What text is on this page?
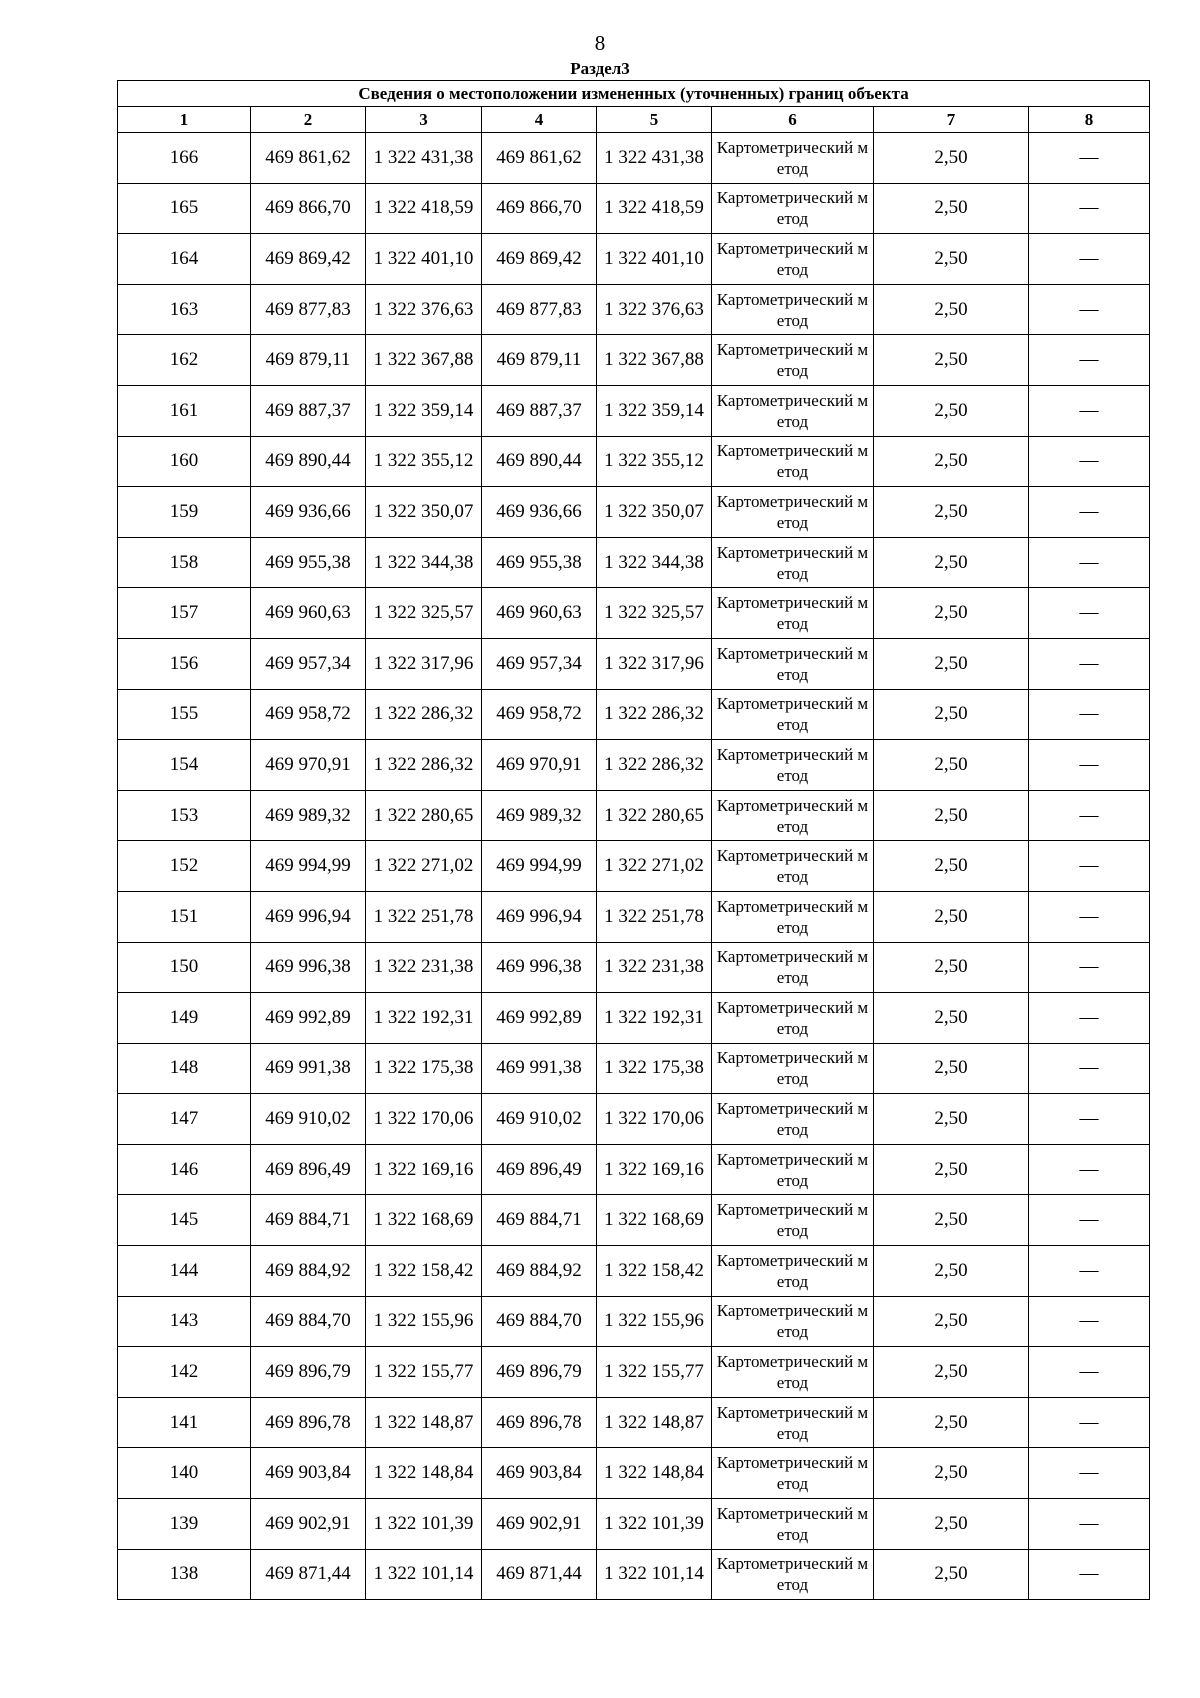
8
Раздел3
Сведения о местоположении измененных (уточненных) границ объекта							
1	2	3	4	5	6	7	8
166	469 861,62	1 322 431,38	469 861,62	1 322 431,38	Картометрический метод	2,50	—
165	469 866,70	1 322 418,59	469 866,70	1 322 418,59	Картометрический метод	2,50	—
164	469 869,42	1 322 401,10	469 869,42	1 322 401,10	Картометрический метод	2,50	—
163	469 877,83	1 322 376,63	469 877,83	1 322 376,63	Картометрический метод	2,50	—
162	469 879,11	1 322 367,88	469 879,11	1 322 367,88	Картометрический метод	2,50	—
161	469 887,37	1 322 359,14	469 887,37	1 322 359,14	Картометрический метод	2,50	—
160	469 890,44	1 322 355,12	469 890,44	1 322 355,12	Картометрический метод	2,50	—
159	469 936,66	1 322 350,07	469 936,66	1 322 350,07	Картометрический метод	2,50	—
158	469 955,38	1 322 344,38	469 955,38	1 322 344,38	Картометрический метод	2,50	—
157	469 960,63	1 322 325,57	469 960,63	1 322 325,57	Картометрический метод	2,50	—
156	469 957,34	1 322 317,96	469 957,34	1 322 317,96	Картометрический метод	2,50	—
155	469 958,72	1 322 286,32	469 958,72	1 322 286,32	Картометрический метод	2,50	—
154	469 970,91	1 322 286,32	469 970,91	1 322 286,32	Картометрический метод	2,50	—
153	469 989,32	1 322 280,65	469 989,32	1 322 280,65	Картометрический метод	2,50	—
152	469 994,99	1 322 271,02	469 994,99	1 322 271,02	Картометрический метод	2,50	—
151	469 996,94	1 322 251,78	469 996,94	1 322 251,78	Картометрический метод	2,50	—
150	469 996,38	1 322 231,38	469 996,38	1 322 231,38	Картометрический метод	2,50	—
149	469 992,89	1 322 192,31	469 992,89	1 322 192,31	Картометрический метод	2,50	—
148	469 991,38	1 322 175,38	469 991,38	1 322 175,38	Картометрический метод	2,50	—
147	469 910,02	1 322 170,06	469 910,02	1 322 170,06	Картометрический метод	2,50	—
146	469 896,49	1 322 169,16	469 896,49	1 322 169,16	Картометрический метод	2,50	—
145	469 884,71	1 322 168,69	469 884,71	1 322 168,69	Картометрический метод	2,50	—
144	469 884,92	1 322 158,42	469 884,92	1 322 158,42	Картометрический метод	2,50	—
143	469 884,70	1 322 155,96	469 884,70	1 322 155,96	Картометрический метод	2,50	—
142	469 896,79	1 322 155,77	469 896,79	1 322 155,77	Картометрический метод	2,50	—
141	469 896,78	1 322 148,87	469 896,78	1 322 148,87	Картометрический метод	2,50	—
140	469 903,84	1 322 148,84	469 903,84	1 322 148,84	Картометрический метод	2,50	—
139	469 902,91	1 322 101,39	469 902,91	1 322 101,39	Картометрический метод	2,50	—
138	469 871,44	1 322 101,14	469 871,44	1 322 101,14	Картометрический метод	2,50	—
